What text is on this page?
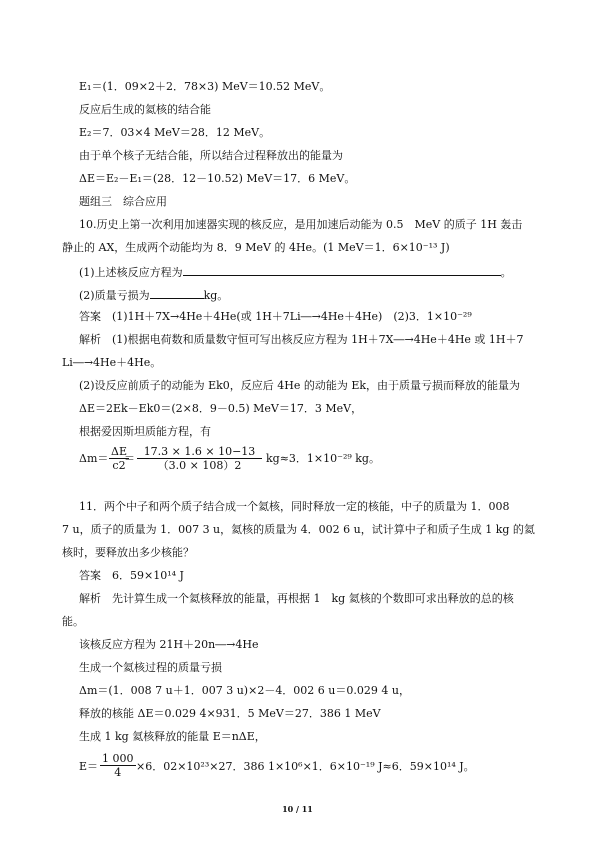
E₁＝(1．09×2＋2．78×3) MeV＝10.52 MeV。
反应后生成的氦核的结合能
E₂＝7．03×4 MeV＝28．12 MeV。
由于单个核子无结合能，所以结合过程释放出的能量为
ΔE＝E₂－E₁＝(28．12－10.52) MeV＝17．6 MeV。
题组三　综合应用
10.历史上第一次利用加速器实现的核反应，是用加速后动能为 0.5　MeV 的质子 1H 轰击
静止的 AX，生成两个动能均为 8．9 MeV 的 4He。(1 MeV＝1．6×10⁻¹³ J)
(1)上述核反应方程为	。
(2)质量亏损为	kg。
答案　(1)1H＋7X→4He＋4He(或 1H＋7Li―→4He＋4He)　(2)3．1×10⁻²⁹
解析　(1)根据电荷数和质量数守恒可写出核反应方程为 1H＋7X―→4He＋4He 或 1H＋7
Li―→4He＋4He。
(2)设反应前质子的动能为 Ek0，反应后 4He 的动能为 Ek，由于质量亏损而释放的能量为
ΔE＝2Ek－Ek0＝(2×8．9－0.5) MeV＝17．3 MeV，
根据爱因斯坦质能方程，有
$\Delta m= \frac{\Delta E}{c2}$
＝ $\frac{17.3 \times 1.6 \times 10-13}{(3.0 \times 108)2} kg\approx 3$．1×10⁻²⁹ kg。
11．两个中子和两个质子结合成一个氦核，同时释放一定的核能，中子的质量为 1．008
7 u，质子的质量为 1．007 3 u，氦核的质量为 4．002 6 u，试计算中子和质子生成 1 kg 的氦
核时，要释放出多少核能？
答案　6．59×10¹⁴ J
解析　先计算生成一个氦核释放的能量，再根据 1　kg 氦核的个数即可求出释放的总的核
能。
该核反应方程为 21H＋20n―→4He
生成一个氦核过程的质量亏损
Δm＝(1．008 7 u＋1．007 3 u)×2－4．002 6 u＝0.029 4 u，
释放的核能 ΔE＝0.029 4×931．5 MeV＝27．386 1 MeV
生成 1 kg 氦核释放的能量 E＝nΔE，
$E= \frac{1 000}{4} \times 6$．02×10²³×27．386 1×10⁶×1．6×10⁻¹⁹ J≈6．59×10¹⁴ J。
10 / 11
